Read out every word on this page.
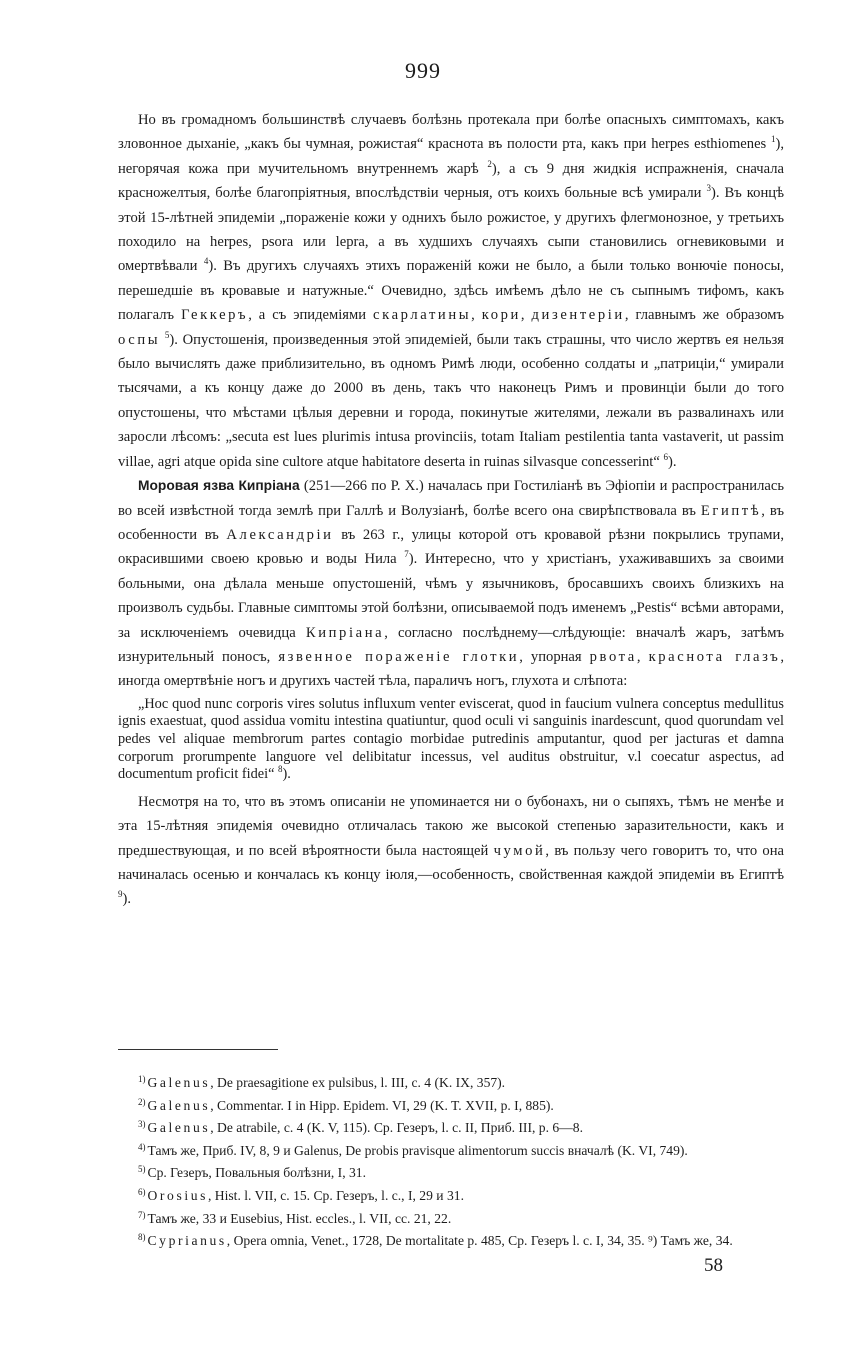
999

Но въ громадномъ большинствѣ случаевъ болѣзнь протекала при болѣе опасныхъ симптомахъ, какъ зловонное дыханіе, „какъ бы чумная, рожистая“ краснота въ полости рта, какъ при herpes esthiomenes $^1$), негорячая кожа при мучительномъ внутреннемъ жарѣ $^2$), а съ 9 дня жидкія испражненія, сначала красножелтыя, болѣе благопріятныя, впослѣдствіи черныя, отъ коихъ больные всѣ умирали $^3$). Въ концѣ этой 15-лѣтней эпидеміи „пораженіе кожи у однихъ было рожистое, у другихъ флегмонозное, у третьихъ походило на herpes, psora или lepra, а въ худшихъ случаяхъ сыпи становились огневиковыми и омертвѣвали $^4$). Въ другихъ случаяхъ этихъ пораженій кожи не было, а были только вонючіе поносы, перешедшіе въ кровавые и натужные.“ Очевидно, здѣсь имѣемъ дѣло не съ сыпнымъ тифомъ, какъ полагалъ Геккеръ, а съ эпидеміями скарлатины, кори, дизентеріи, главнымъ же образомъ оспы $^5$). Опустошенія, произведенныя этой эпидеміей, были такъ страшны, что число жертвъ ея нельзя было вычислять даже приблизительно, въ одномъ Римѣ люди, особенно солдаты и „патриціи,“ умирали тысячами, а къ концу даже до 2000 въ день, такъ что наконецъ Римъ и провинціи были до того опустошены, что мѣстами цѣлыя деревни и города, покинутые жителями, лежали въ развалинахъ или заросли лѣсомъ: „secuta est lues plurimis intusa provinciis, totam Italiam pestilentia tanta vastaverit, ut passim villae, agri atque opida sine cultore atque habitatore deserta in ruinas silvasque concesserint“ $^6$).

Моровая язва Кипріана (251—266 по Р. Х.) началась при Гостиліанѣ въ Эфіопіи и распространилась во всей извѣстной тогда землѣ при Галлѣ и Волузіанѣ, болѣе всего она свирѣпствовала въ Египтѣ, въ особенности въ Александріи въ 263 г., улицы которой отъ кровавой рѣзни покрылись трупами, окрасившими своею кровью и воды Нила $^7$). Интересно, что у христіанъ, ухаживавшихъ за своими больными, она дѣлала меньше опустошеній, чѣмъ у язычниковъ, бросавшихъ своихъ близкихъ на произволъ судьбы. Главные симптомы этой болѣзни, описываемой подъ именемъ „Pestis“ всѣми авторами, за исключеніемъ очевидца Кипріана, согласно послѣднему—слѣдующіе: вначалѣ жаръ, затѣмъ изнурительный поносъ, язвенное пораженіе глотки, упорная рвота, краснота глазъ, иногда омертвѣніе ногъ и другихъ частей тѣла, параличъ ногъ, глухота и слѣпота:

„Hoc quod nunc corporis vires solutus influxum venter eviscerat, quod in faucium vulnera conceptus medullitus ignis exaestuat, quod assidua vomitu intestina quatiuntur, quod oculi vi sanguinis inardescunt, quod quorundam vel pedes vel aliquae membrorum partes contagio morbidae putredinis amputantur, quod per jacturas et damna corporum prorumpente languore vel delibitatur incessus, vel auditus obstruitur, v.l coecatur aspectus, ad documentum proficit fidei“ $^8$).

Несмотря на то, что въ этомъ описаніи не упоминается ни о бубонахъ, ни о сыпяхъ, тѣмъ не менѣе и эта 15-лѣтняя эпидемія очевидно отличалась такою же высокой степенью заразительности, какъ и предшествующая, и по всей вѣроятности была настоящей чумой, въ пользу чего говоритъ то, что она начиналась осенью и кончалась къ концу іюля,—особенность, свойственная каждой эпидеміи въ Египтѣ $^9$).

$^{1)}$ Galenus, De praesagitione ex pulsibus, l. III, c. 4 (K. IX, 357).

$^{2)}$ Galenus, Commentar. I in Hipp. Epidem. VI, 29 (K. T. XVII, p. I, 885).

$^{3)}$ Galenus, De atrabile, c. 4 (K. V, 115). Ср. Гезеръ, l. c. II, Приб. III, p. 6—8.

$^{4)}$ Тамъ же, Приб. IV, 8, 9 и Galenus, De probis pravisque alimentorum succis вначалѣ (K. VI, 749).

$^{5)}$ Ср. Гезеръ, Повальныя болѣзни, I, 31.

$^{6)}$ Orosius, Hist. l. VII, c. 15. Ср. Гезеръ, l. c., I, 29 и 31.

$^{7)}$ Тамъ же, 33 и Eusebius, Hist. eccles., l. VII, cc. 21, 22.

$^{8)}$ Cyprianus, Opera omnia, Venet., 1728, De mortalitate p. 485, Ср. Гезеръ l. c. I, 34, 35. ⁹) Тамъ же, 34.

58
